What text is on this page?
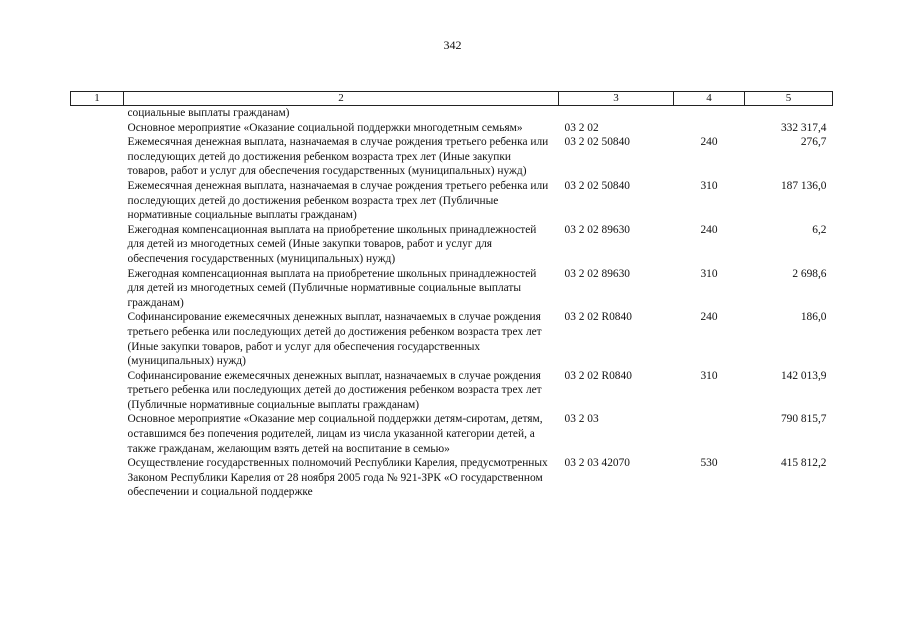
342
1	2	3	4	5
	социальные выплаты гражданам)			
	Основное мероприятие «Оказание социальной поддержки многодетным семьям»	03 2 02		332 317,4
	Ежемесячная денежная выплата, назначаемая в случае рождения третьего ребенка или последующих детей до достижения ребенком возраста трех лет (Иные закупки товаров, работ и услуг для обеспечения государственных (муниципальных) нужд)	03 2 02 50840	240	276,7
	Ежемесячная денежная выплата, назначаемая в случае рождения третьего ребенка или последующих детей до достижения ребенком возраста трех лет (Публичные нормативные социальные выплаты гражданам)	03 2 02 50840	310	187 136,0
	Ежегодная компенсационная выплата на приобретение школьных принадлежностей для детей из многодетных семей (Иные закупки товаров, работ и услуг для обеспечения государственных (муниципальных) нужд)	03 2 02 89630	240	6,2
	Ежегодная компенсационная выплата на приобретение школьных принадлежностей для детей из многодетных семей (Публичные нормативные социальные выплаты гражданам)	03 2 02 89630	310	2 698,6
	Софинансирование ежемесячных денежных выплат, назначаемых в случае рождения третьего ребенка или последующих детей до достижения ребенком возраста трех лет (Иные закупки товаров, работ и услуг для обеспечения государственных (муниципальных) нужд)	03 2 02 R0840	240	186,0
	Софинансирование ежемесячных денежных выплат, назначаемых в случае рождения третьего ребенка или последующих детей до достижения ребенком возраста трех лет (Публичные нормативные социальные выплаты гражданам)	03 2 02 R0840	310	142 013,9
	Основное мероприятие «Оказание мер социальной поддержки детям-сиротам, детям, оставшимся без попечения родителей, лицам из числа указанной категории детей, а также гражданам, желающим взять детей на воспитание в семью»	03 2 03		790 815,7
	Осуществление государственных полномочий Республики Карелия, предусмотренных Законом Республики Карелия от 28 ноября 2005 года № 921-ЗРК «О государственном обеспечении и социальной поддержке	03 2 03 42070	530	415 812,2
